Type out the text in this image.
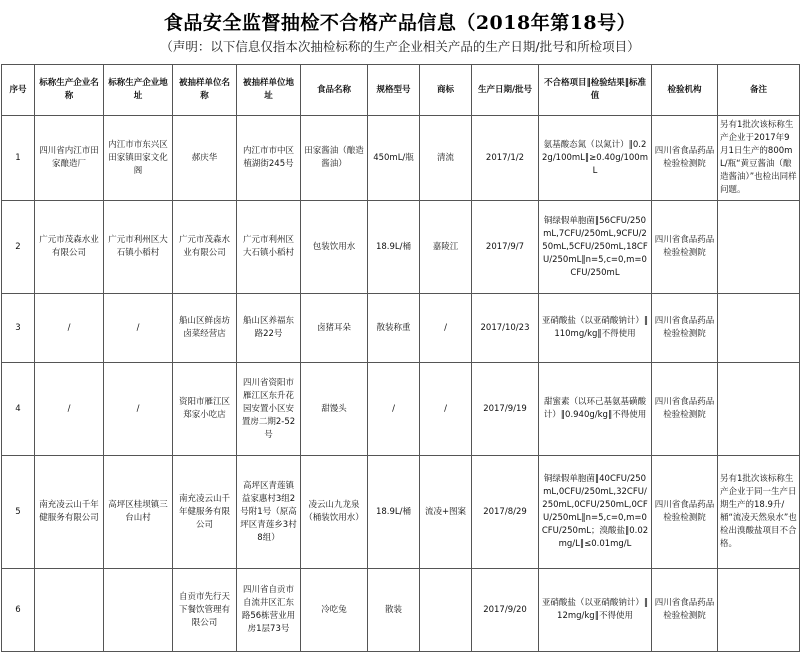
食品安全监督抽检不合格产品信息（2018年第18号）
（声明：以下信息仅指本次抽检标称的生产企业相关产品的生产日期/批号和所检项目）
序号	标称生产企业名称	标称生产企业地址	被抽样单位名称	被抽样单位地址	食品名称	规格型号	商标	生产日期/批号	不合格项目‖检验结果‖标准值	检验机构	备注
1	四川省内江市田家酿造厂	内江市市东兴区田家镇田家文化阁	郝庆华	内江市市中区植湖街245号	田家酱油（酿造酱油）	450mL/瓶	清流	2017/1/2	氨基酸态氮（以氮计）‖0.22g/100mL‖≥0.40g/100mL	四川省食品药品检验检测院	另有1批次该标称生产企业于2017年9月1日生产的800mL/瓶“黄豆酱油（酿造酱油）”也检出同样问题。
2	广元市茂森水业有限公司	广元市利州区大石镇小稻村	广元市茂森水业有限公司	广元市利州区大石镇小稻村	包装饮用水	18.9L/桶	嘉陵江	2017/9/7	铜绿假单胞菌‖56CFU/250mL,7CFU/250mL,9CFU/250mL,5CFU/250mL,18CFU/250mL‖n=5,c=0,m=0CFU/250mL	四川省食品药品检验检测院	
3	/	/	船山区鲜卤坊卤菜经营店	船山区养福东路22号	卤猪耳朵	散装称重	/	2017/10/23	亚硝酸盐（以亚硝酸钠计）‖110mg/kg‖不得使用	四川省食品药品检验检测院	
4	/	/	资阳市雁江区郑家小吃店	四川省资阳市雁江区东升花园安置小区安置房二期2-52号	甜馒头	/	/	2017/9/19	甜蜜素（以环己基氨基磺酸计）‖0.940g/kg‖不得使用	四川省食品药品检验检测院	
5	南充凌云山千年健服务有限公司	高坪区桂坝镇三台山村	南充凌云山千年健服务有限公司	高坪区青莲镇益家惠村3组2号附1号（原高坪区青莲乡3村8组）	凌云山九龙泉（桶装饮用水）	18.9L/桶	流凌+图案	2017/8/29	铜绿假单胞菌‖40CFU/250mL,0CFU/250mL,32CFU/250mL,0CFU/250mL,0CFU/250mL‖n=5,c=0,m=0CFU/250mL；溴酸盐‖0.02mg/L‖≤0.01mg/L	四川省食品药品检验检测院	另有1批次该标称生产企业于同一生产日期生产的18.9升/桶“流凌天然泉水”也检出溴酸盐项目不合格。
6			自贡市先行天下餐饮管理有限公司	四川省自贡市自流井区汇东路56栋营业用房1层73号	冷吃兔	散装		2017/9/20	亚硝酸盐（以亚硝酸钠计）‖12mg/kg‖不得使用	四川省食品药品检验检测院	
